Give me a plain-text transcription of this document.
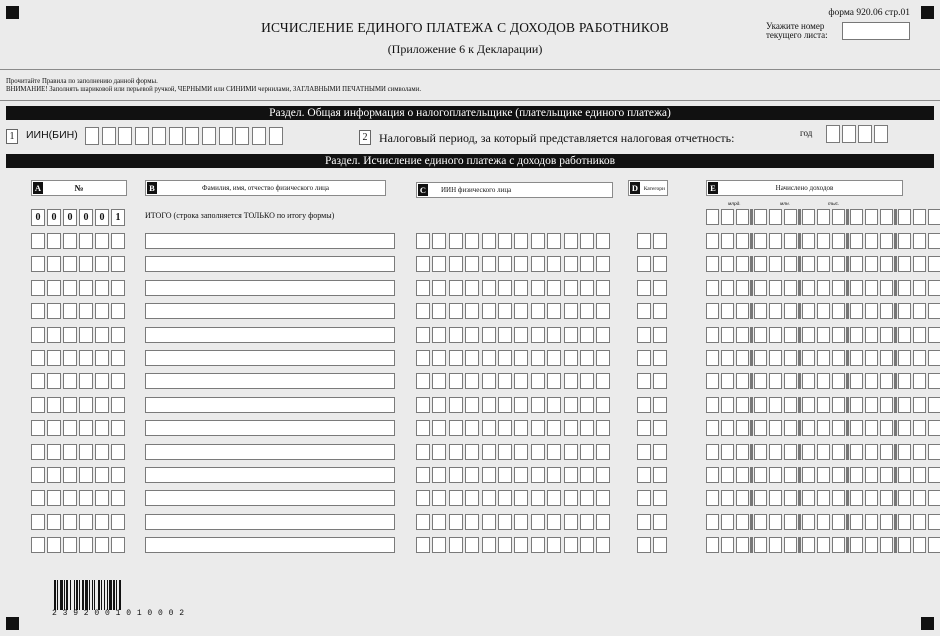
форма 920.06 стр.01
ИСЧИСЛЕНИЕ ЕДИНОГО ПЛАТЕЖА С ДОХОДОВ РАБОТНИКОВ
(Приложение 6 к Декларации)
Укажите номер
текущего листа:
Прочитайте Правила по заполнению данной формы.
ВНИМАНИЕ! Заполнять шариковой или перьевой ручкой, ЧЕРНЫМИ или СИНИМИ чернилами, ЗАГЛАВНЫМИ ПЕЧАТНЫМИ символами.
Раздел. Общая информация о налогоплательщике (плательщике единого платежа)
1	ИИН(БИН)	2 Налоговый период, за который представляется налоговая отчетность:	год
Раздел. Исчисление единого платежа с доходов работников
A	№	B	Фамилия, имя, отчество физического лица	C ИИН физического лица	D	Категори	E	Начислено доходов
млрд.	млн.	тыс.
0	0	0	0	0	1	ИТОГО (строка заполняется ТОЛЬКО по итогу формы)
2 3 9 2 0 0 1 0 1 0 0 0 2
